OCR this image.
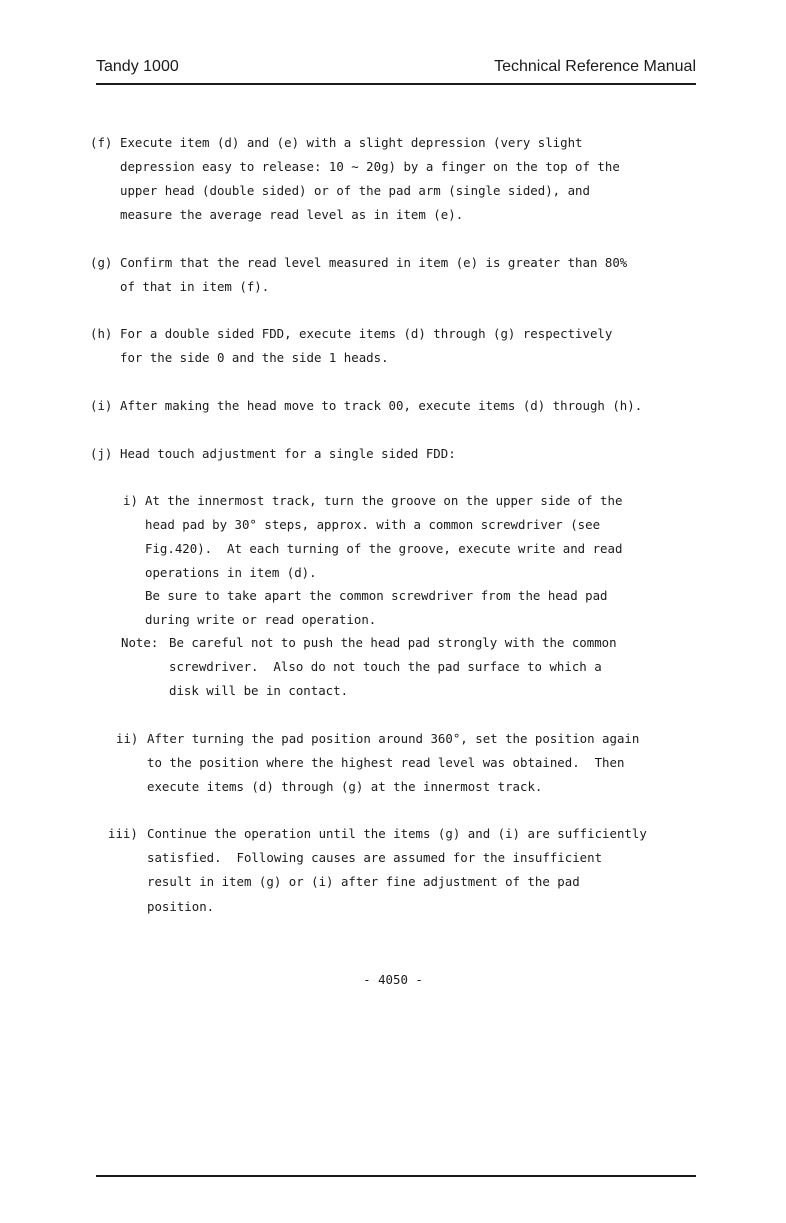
Tandy 1000	Technical Reference Manual
(f) Execute item (d) and (e) with a slight depression (very slight
depression easy to release: 10 ∼ 20g) by a finger on the top of the
upper head (double sided) or of the pad arm (single sided), and
measure the average read level as in item (e).
(g) Confirm that the read level measured in item (e) is greater than 80%
of that in item (f).
(h) For a double sided FDD, execute items (d) through (g) respectively
for the side 0 and the side 1 heads.
(i) After making the head move to track 00, execute items (d) through (h).
(j) Head touch adjustment for a single sided FDD:
i) At the innermost track, turn the groove on the upper side of the
head pad by 30° steps, approx. with a common screwdriver (see
Fig.420).  At each turning of the groove, execute write and read
operations in item (d).
Be sure to take apart the common screwdriver from the head pad
during write or read operation.
Note: Be careful not to push the head pad strongly with the common
screwdriver.  Also do not touch the pad surface to which a
disk will be in contact.
ii) After turning the pad position around 360°, set the position again
to the position where the highest read level was obtained.  Then
execute items (d) through (g) at the innermost track.
iii) Continue the operation until the items (g) and (i) are sufficiently
satisfied.  Following causes are assumed for the insufficient
result in item (g) or (i) after fine adjustment of the pad
position.
- 4050 -
